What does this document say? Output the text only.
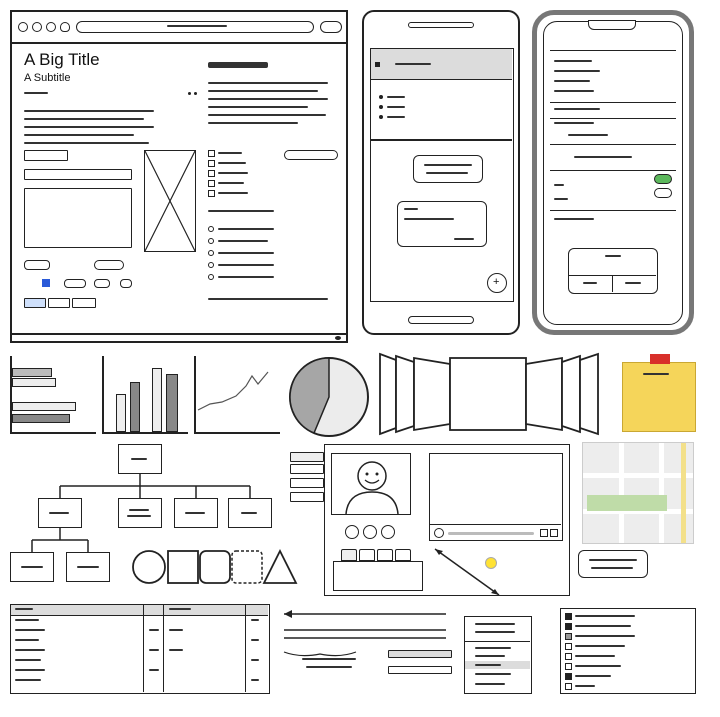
A Big Title
A Subtitle
+
